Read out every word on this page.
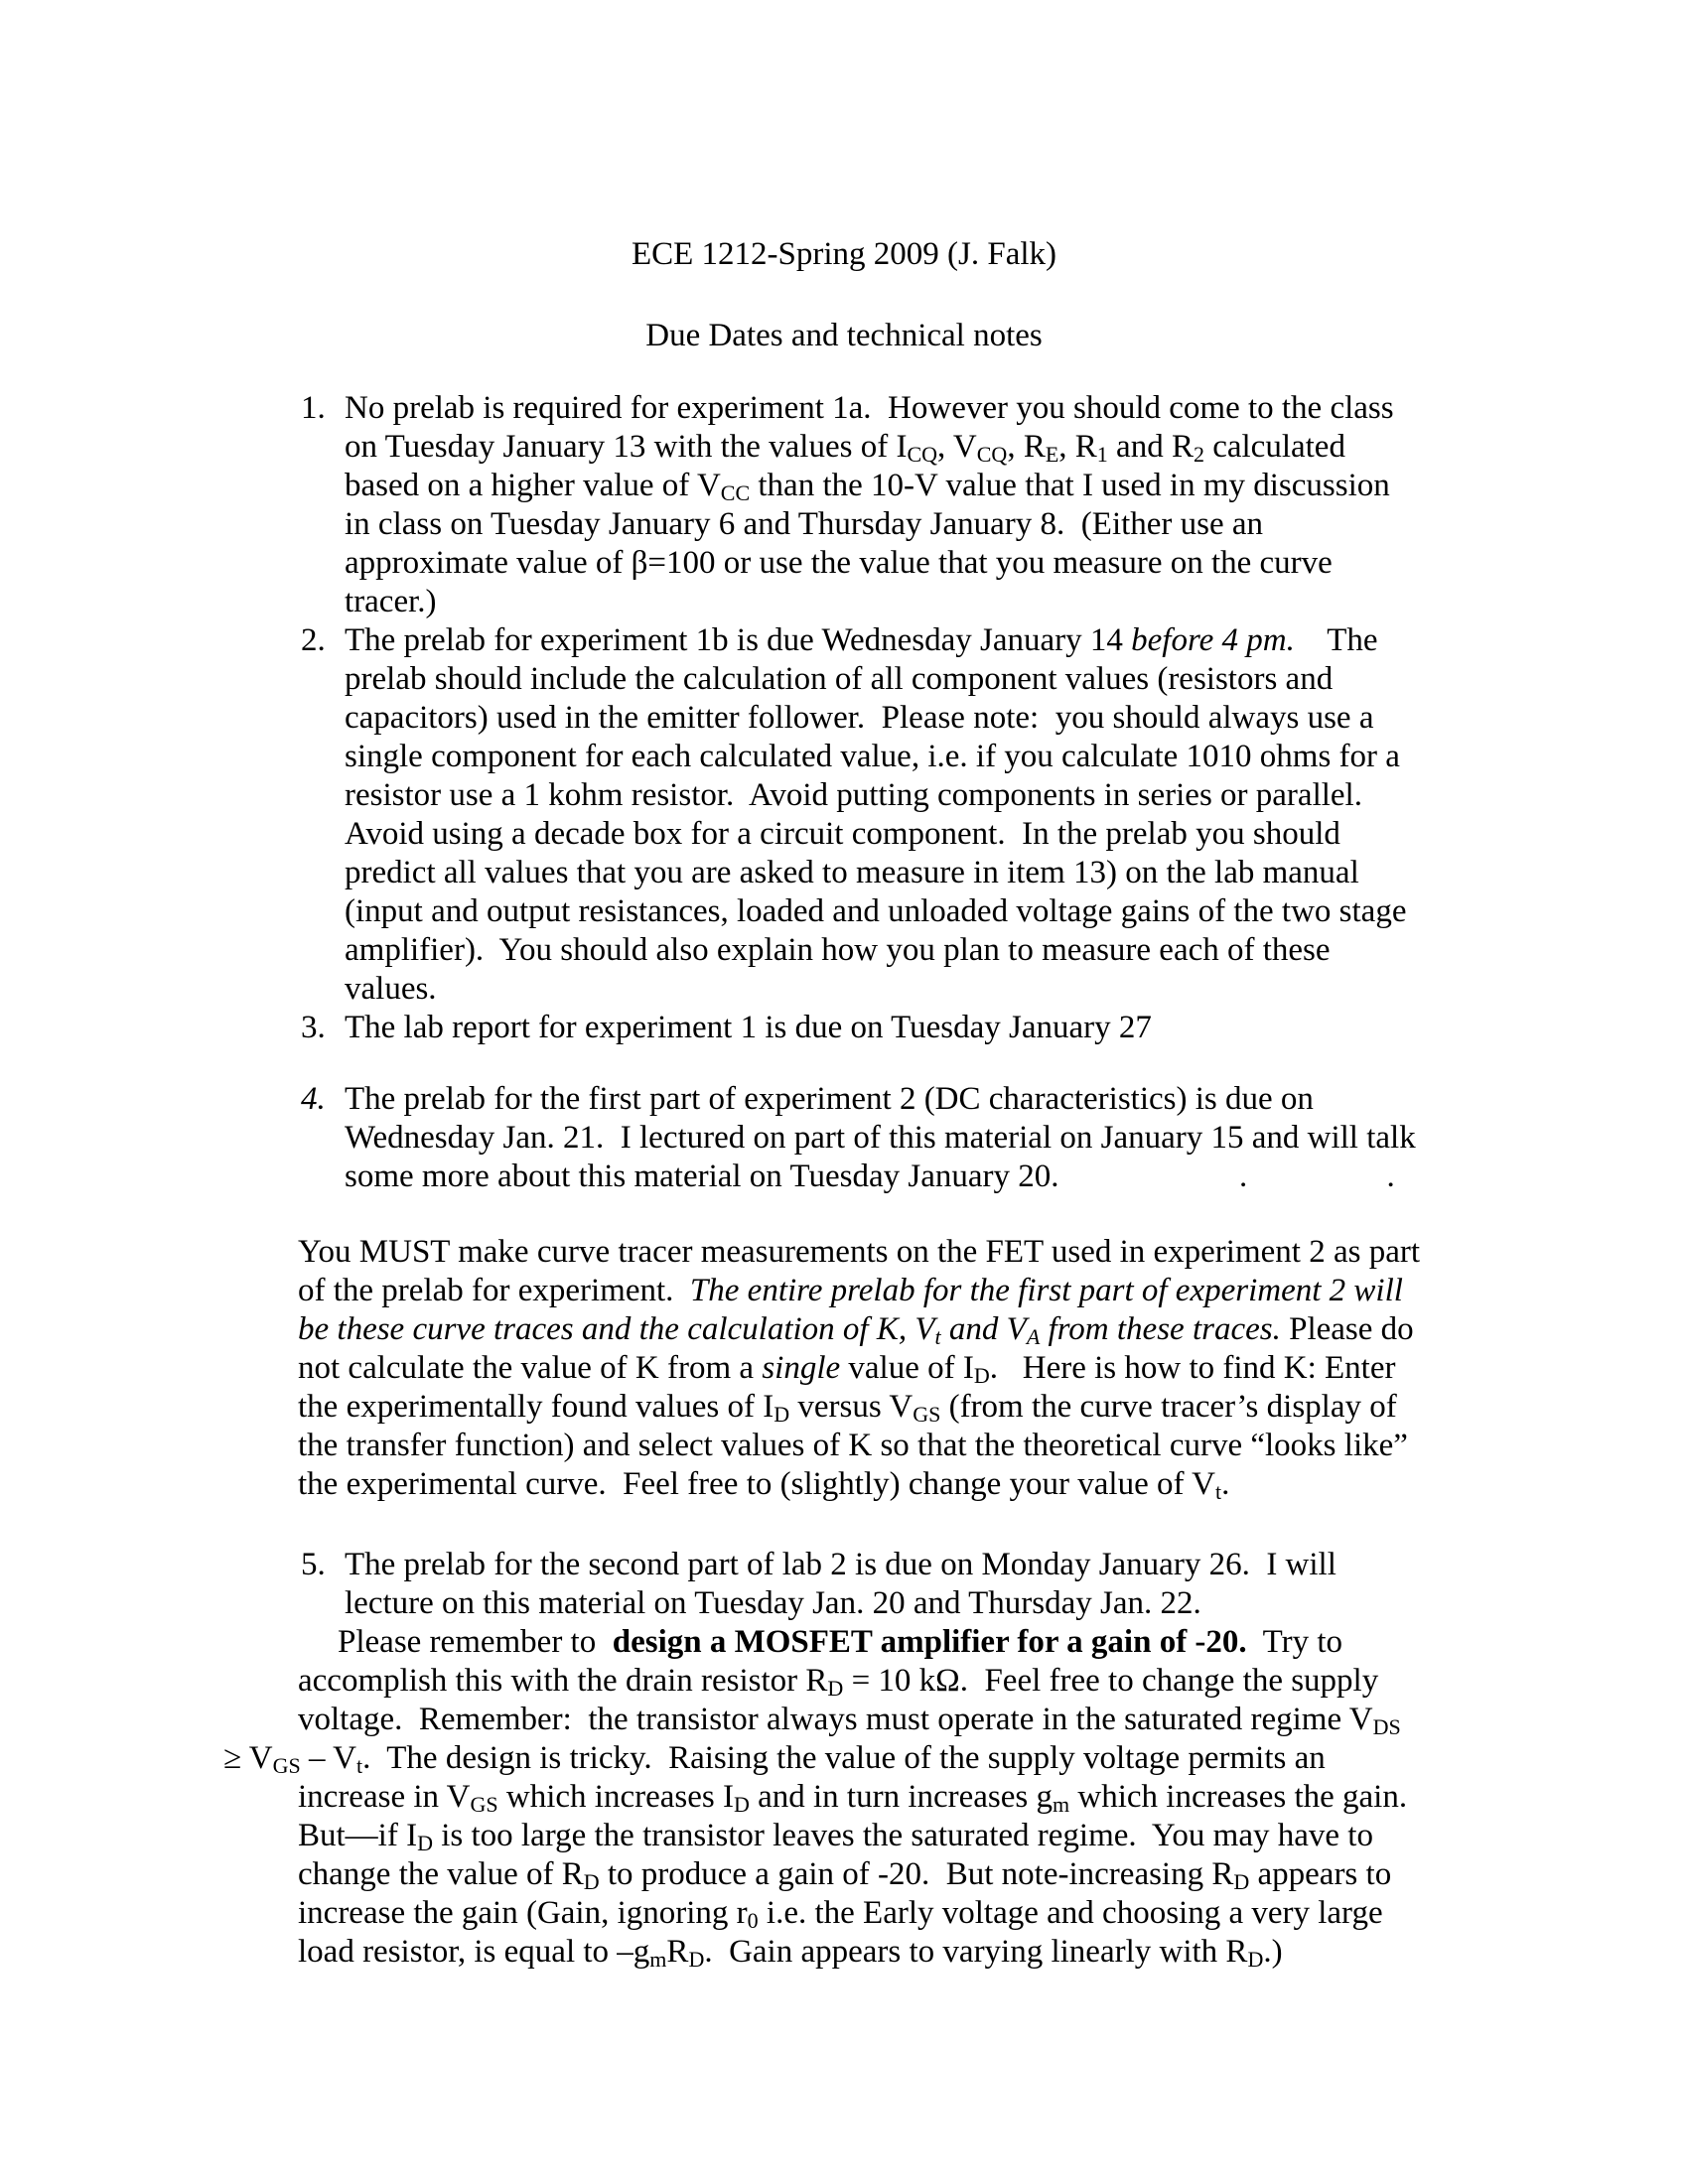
ECE 1212-Spring 2009 (J. Falk)
Due Dates and technical notes
1. No prelab is required for experiment 1a.  However you should come to the class
on Tuesday January 13 with the values of ICQ, VCQ, RE, R1 and R2 calculated
based on a higher value of VCC than the 10-V value that I used in my discussion
in class on Tuesday January 6 and Thursday January 8.  (Either use an
approximate value of β=100 or use the value that you measure on the curve
tracer.)
2. The prelab for experiment 1b is due Wednesday January 14 before 4 pm.    The
prelab should include the calculation of all component values (resistors and
capacitors) used in the emitter follower.  Please note:  you should always use a
single component for each calculated value, i.e. if you calculate 1010 ohms for a
resistor use a 1 kohm resistor.  Avoid putting components in series or parallel.
Avoid using a decade box for a circuit component.  In the prelab you should
predict all values that you are asked to measure in item 13) on the lab manual
(input and output resistances, loaded and unloaded voltage gains of the two stage
amplifier).  You should also explain how you plan to measure each of these
values.
3. The lab report for experiment 1 is due on Tuesday January 27
4. The prelab for the first part of experiment 2 (DC characteristics) is due on
Wednesday Jan. 21.  I lectured on part of this material on January 15 and will talk
some more about this material on Tuesday January 20.                      .                 .
You MUST make curve tracer measurements on the FET used in experiment 2 as part
of the prelab for experiment.  The entire prelab for the first part of experiment 2 will
be these curve traces and the calculation of K, Vt and VA from these traces. Please do
not calculate the value of K from a single value of ID.   Here is how to find K: Enter
the experimentally found values of ID versus VGS (from the curve tracer’s display of
the transfer function) and select values of K so that the theoretical curve “looks like”
the experimental curve.  Feel free to (slightly) change your value of Vt.
5. The prelab for the second part of lab 2 is due on Monday January 26.  I will
lecture on this material on Tuesday Jan. 20 and Thursday Jan. 22.
Please remember to  design a MOSFET amplifier for a gain of -20.  Try to
accomplish this with the drain resistor RD = 10 kΩ.  Feel free to change the supply
voltage.  Remember:  the transistor always must operate in the saturated regime VDS
≥ VGS – Vt.  The design is tricky.  Raising the value of the supply voltage permits an
increase in VGS which increases ID and in turn increases gm which increases the gain.
But—if ID is too large the transistor leaves the saturated regime.  You may have to
change the value of RD to produce a gain of -20.  But note-increasing RD appears to
increase the gain (Gain, ignoring r0 i.e. the Early voltage and choosing a very large
load resistor, is equal to –gmRD.  Gain appears to varying linearly with RD.)
